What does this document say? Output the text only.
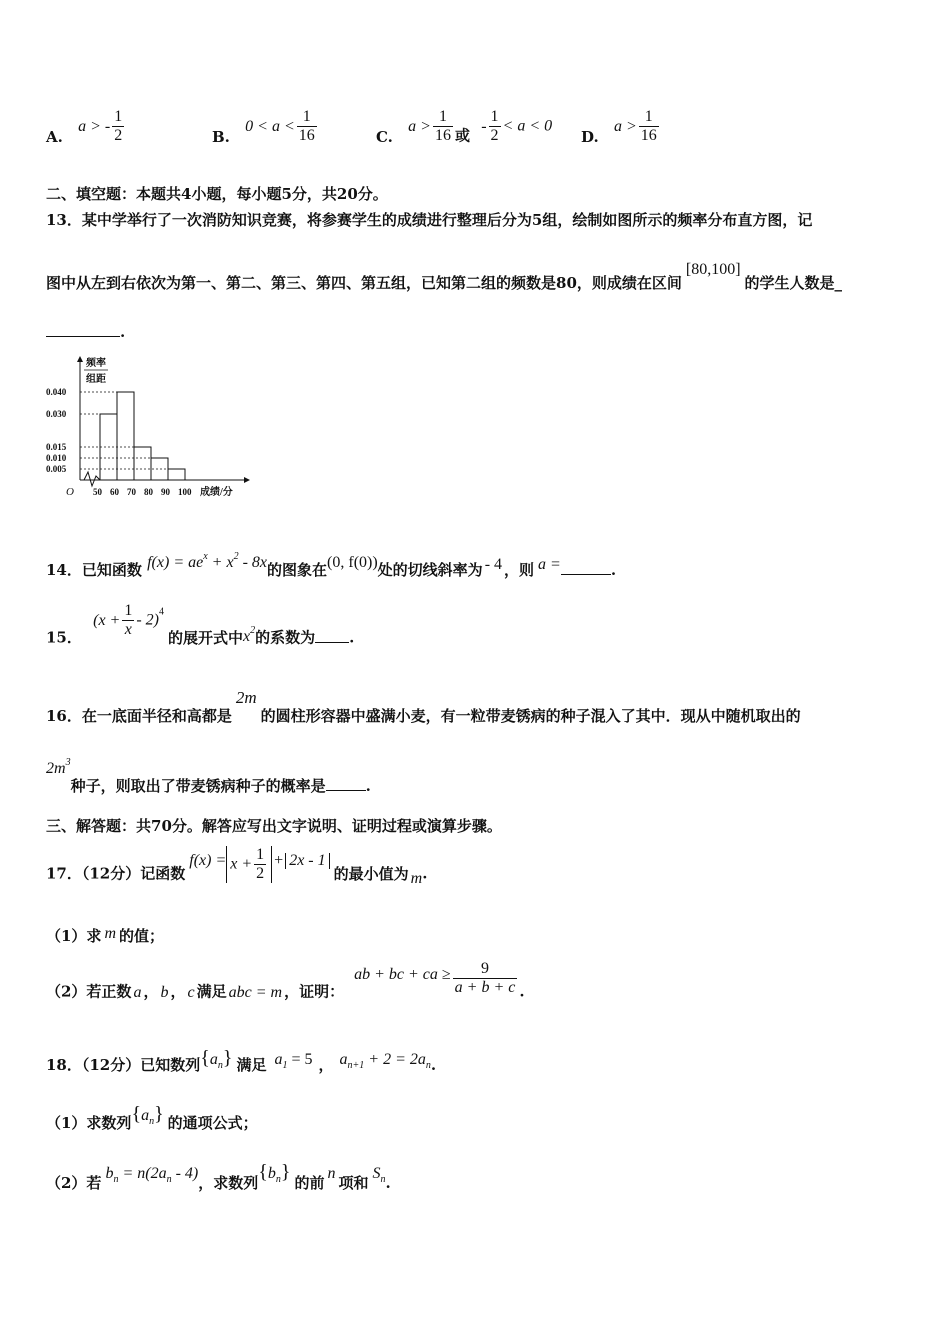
A. a > - $\frac{1}{2}$	B. $0 < a < \frac{1}{16}$	C. $a > \frac{1}{16}$ 或 - $\frac{1}{2} < a < 0$
D. $a > \frac{1}{16}$
二、填空题：本题共4小题，每小题5分，共20分。
13．某中学举行了一次消防知识竞赛，将参赛学生的成绩进行整理后分为5组，绘制如图所示的频率分布直方图，记
图中从左到右依次为第一、第二、第三、第四、第五组，已知第二组的频数是80，则成绩在区间[80,100]的学生人数是_
.
频率
组距
O
0.040
0.030
0.015
0.010
0.005
50 60 70 80 90 100 成绩/分
14．已知函数 $f(x) = ae^x + x^2 - 8x$的图象在(0, f(0))处的切线斜率为 - 4 ，则 a =	.
15． $(x + \frac{1}{x} - 2)^4$的展开式中$x^2$的系数为 .
16．在一底面半径和高都是2m的圆柱形容器中盛满小麦，有一粒带麦锈病的种子混入了其中．现从中随机取出的
$2m^3$种子，则取出了带麦锈病种子的概率是	.
三、解答题：共70分。解答应写出文字说明、证明过程或演算步骤。
17．（12分）记函数$f(x) = x + \frac{1}{2} + 2x - 1$的最小值为 m.
（1）求 m 的值；
（2）若正数 a ， b ， c 满足 abc = m ，证明：ab + bc + ca ≥ $\frac{9}{a + b + c}$ .
18．（12分）已知数列$\{a_n\}$ 满足 $a_1 = 5$ ， $a_{n+1} + 2 = 2a_n$.
（1）求数列$\{a_n\}$ 的通项公式；
（2）若$b_n = n(2a_n - 4)$，求数列$\{b_n\}$ 的前n项和$S_n$.
